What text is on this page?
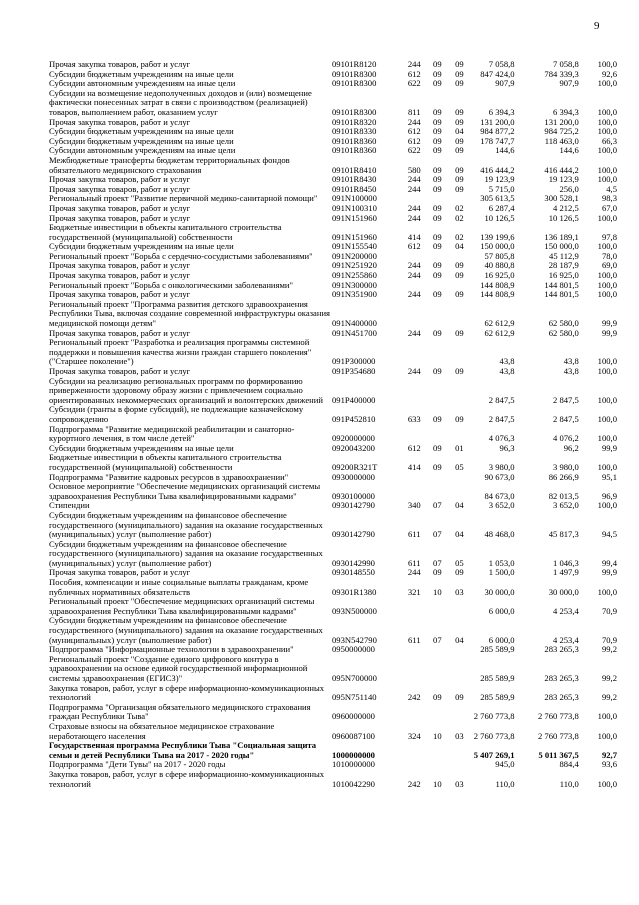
9
Прочая закупка товаров, работ и услуг	09101R8120	244	09	09	7 058,8	7 058,8	100,0
Субсидии бюджетным учреждениям на иные цели	09101R8300	612	09	09	847 424,0	784 339,3	92,6
Субсидии автономным учреждениям на иные цели	09101R8300	622	09	09	907,9	907,9	100,0
Субсидии на возмещение недополученных доходов и (или) возмещение фактически понесенных затрат в связи с производством (реализацией) товаров, выполнением работ, оказанием услуг	09101R8300	811	09	09	6 394,3	6 394,3	100,0
Прочая закупка товаров, работ и услуг	09101R8320	244	09	09	131 200,0	131 200,0	100,0
Субсидии бюджетным учреждениям на иные цели	09101R8330	612	09	04	984 877,2	984 725,2	100,0
Субсидии бюджетным учреждениям на иные цели	09101R8360	612	09	09	178 747,7	118 463,0	66,3
Субсидии автономным учреждениям на иные цели	09101R8360	622	09	09	144,6	144,6	100,0
Межбюджетные трансферты бюджетам территориальных фондов обязательного медицинского страхования	09101R8410	580	09	09	416 444,2	416 444,2	100,0
Прочая закупка товаров, работ и услуг	09101R8430	244	09	09	19 123,9	19 123,9	100,0
Прочая закупка товаров, работ и услуг	09101R8450	244	09	09	5 715,0	256,0	4,5
Региональный проект "Развитие первичной медико-санитарной помощи"	091N100000				305 613,5	300 528,1	98,3
Прочая закупка товаров, работ и услуг	091N100310	244	09	02	6 287,4	4 212,5	67,0
Прочая закупка товаров, работ и услуг	091N151960	244	09	02	10 126,5	10 126,5	100,0
Бюджетные инвестиции в объекты капитального строительства государственной (муниципальной) собственности	091N151960	414	09	02	139 199,6	136 189,1	97,8
Субсидии бюджетным учреждениям на иные цели	091N155540	612	09	04	150 000,0	150 000,0	100,0
Региональный проект "Борьба с сердечно-сосудистыми заболеваниями"	091N200000				57 805,8	45 112,9	78,0
Прочая закупка товаров, работ и услуг	091N251920	244	09	09	40 880,8	28 187,9	69,0
Прочая закупка товаров, работ и услуг	091N255860	244	09	09	16 925,0	16 925,0	100,0
Региональный проект "Борьба с онкологическими заболеваниями"	091N300000				144 808,9	144 801,5	100,0
Прочая закупка товаров, работ и услуг	091N351900	244	09	09	144 808,9	144 801,5	100,0
Региональный проект "Программа развития детского здравоохранения Республики Тыва, включая создание современной инфраструктуры оказания медицинской помощи детям"	091N400000				62 612,9	62 580,0	99,9
Прочая закупка товаров, работ и услуг	091N451700	244	09	09	62 612,9	62 580,0	99,9
Региональный проект "Разработка и реализация программы системной поддержки и повышения качества жизни граждан старшего поколения" ("Старшее поколение")	091P300000				43,8	43,8	100,0
Прочая закупка товаров, работ и услуг	091P354680	244	09	09	43,8	43,8	100,0
Субсидии на реализацию региональных программ по формированию приверженности здоровому образу жизни с привлечением социально ориентированных некоммерческих организаций и волонтерских движений	091P400000				2 847,5	2 847,5	100,0
Субсидии (гранты в форме субсидий), не подлежащие казначейскому сопровождению	091P452810	633	09	09	2 847,5	2 847,5	100,0
Подпрограмма "Развитие медицинской реабилитации и санаторно-курортного лечения, в том числе детей"	0920000000				4 076,3	4 076,2	100,0
Субсидии бюджетным учреждениям на иные цели	0920043200	612	09	01	96,3	96,2	99,9
Бюджетные инвестиции в объекты капитального строительства государственной (муниципальной) собственности	09200R321Т	414	09	05	3 980,0	3 980,0	100,0
Подпрограмма "Развитие кадровых ресурсов в здравоохранении"	0930000000				90 673,0	86 266,9	95,1
Основное мероприятие "Обеспечение медицинских организаций системы здравоохранения Республики Тыва квалифицированными кадрами"	0930100000				84 673,0	82 013,5	96,9
Стипендии	0930142790	340	07	04	3 652,0	3 652,0	100,0
Субсидии бюджетным учреждениям на финансовое обеспечение государственного (муниципального) задания на оказание государственных (муниципальных) услуг (выполнение работ)	0930142790	611	07	04	48 468,0	45 817,3	94,5
Субсидии бюджетным учреждениям на финансовое обеспечение государственного (муниципального) задания на оказание государственных (муниципальных) услуг (выполнение работ)	0930142990	611	07	05	1 053,0	1 046,3	99,4
Прочая закупка товаров, работ и услуг	0930148550	244	09	09	1 500,0	1 497,9	99,9
Пособия, компенсации и иные социальные выплаты гражданам, кроме публичных нормативных обязательств	09301R1380	321	10	03	30 000,0	30 000,0	100,0
Региональный проект "Обеспечение медицинских организаций системы здравоохранения Республики Тыва квалифицированными кадрами"	093N500000				6 000,0	4 253,4	70,9
Субсидии бюджетным учреждениям на финансовое обеспечение государственного (муниципального) задания на оказание государственных (муниципальных) услуг (выполнение работ)	093N542790	611	07	04	6 000,0	4 253,4	70,9
Подпрограмма "Информационные технологии в здравоохранении"	0950000000				285 589,9	283 265,3	99,2
Региональный проект "Создание единого цифрового контура в здравоохранении на основе единой государственной информационной системы здравоохранения (ЕГИСЗ)"	095N700000				285 589,9	283 265,3	99,2
Закупка товаров, работ, услуг в сфере информационно-коммуникационных технологий	095N751140	242	09	09	285 589,9	283 265,3	99,2
Подпрограмма "Организация обязательного медицинского страхования граждан Республики Тыва"	0960000000				2 760 773,8	2 760 773,8	100,0
Страховые взносы на обязательное медицинское страхование неработающего населения	0960087100	324	10	03	2 760 773,8	2 760 773,8	100,0
Государственная программа Республики Тыва "Социальная защита семьи и детей Республики Тыва на 2017 - 2020 годы"	1000000000				5 407 269,1	5 011 367,5	92,7
Подпрограмма "Дети Тувы" на 2017 - 2020 годы	1010000000				945,0	884,4	93,6
Закупка товаров, работ, услуг в сфере информационно-коммуникационных технологий	1010042290	242	10	03	110,0	110,0	100,0
